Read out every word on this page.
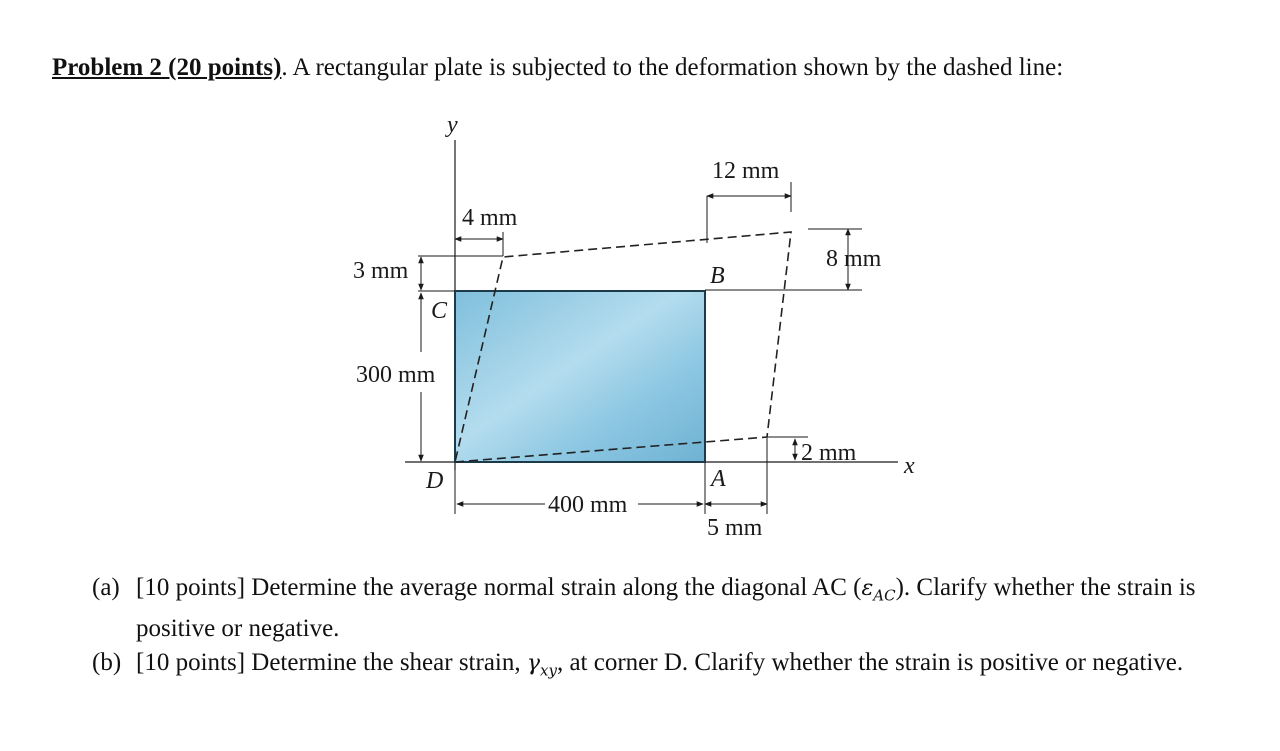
Problem 2 (20 points). A rectangular plate is subjected to the deformation shown by the dashed line:
y
x
12 mm
4 mm
8 mm
3 mm
300 mm
2 mm
400 mm
5 mm
B
C
D	A
(a) [10 points] Determine the average normal strain along the diagonal AC $(\varepsilon_{AC})$. Clarify whether the strain is positive or negative.
(b) [10 points] Determine the shear strain, $\gamma_{xy}$, at corner D. Clarify whether the strain is positive or negative.
